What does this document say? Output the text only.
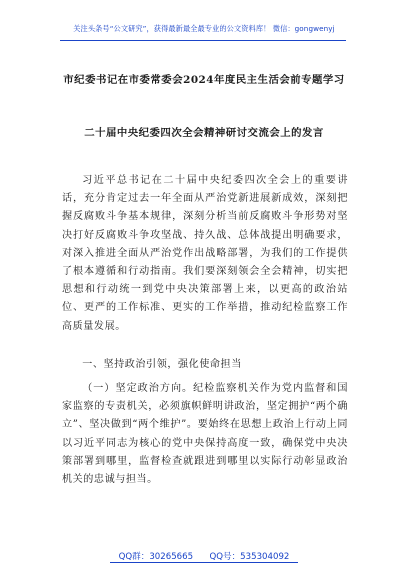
关注头条号“公文研究”，获得最新最全最专业的公文资料库！ 微信：gongwenyj
市纪委书记在市委常委会2024年度民主生活会前专题学习
二十届中央纪委四次全会精神研讨交流会上的发言
习近平总书记在二十届中央纪委四次全会上的重要讲话，充分肯定过去一年全面从严治党新进展新成效，深刻把握反腐败斗争基本规律，深刻分析当前反腐败斗争形势对坚决打好反腐败斗争攻坚战、持久战、总体战提出明确要求，对深入推进全面从严治党作出战略部署，为我们的工作提供了根本遵循和行动指南。我们要深刻领会全会精神，切实把思想和行动统一到党中央决策部署上来，以更高的政治站位、更严的工作标准、更实的工作举措，推动纪检监察工作高质量发展。
一、坚持政治引领，强化使命担当
（一）坚定政治方向。纪检监察机关作为党内监督和国家监察的专责机关，必须旗帜鲜明讲政治，坚定拥护“两个确立”、坚决做到“两个维护”。要始终在思想上政治上行动上同以习近平同志为核心的党中央保持高度一致，确保党中央决策部署到哪里，监督检查就跟进到哪里以实际行动彰显政治机关的忠诚与担当。
QQ群：30265665      QQ号：535304092
